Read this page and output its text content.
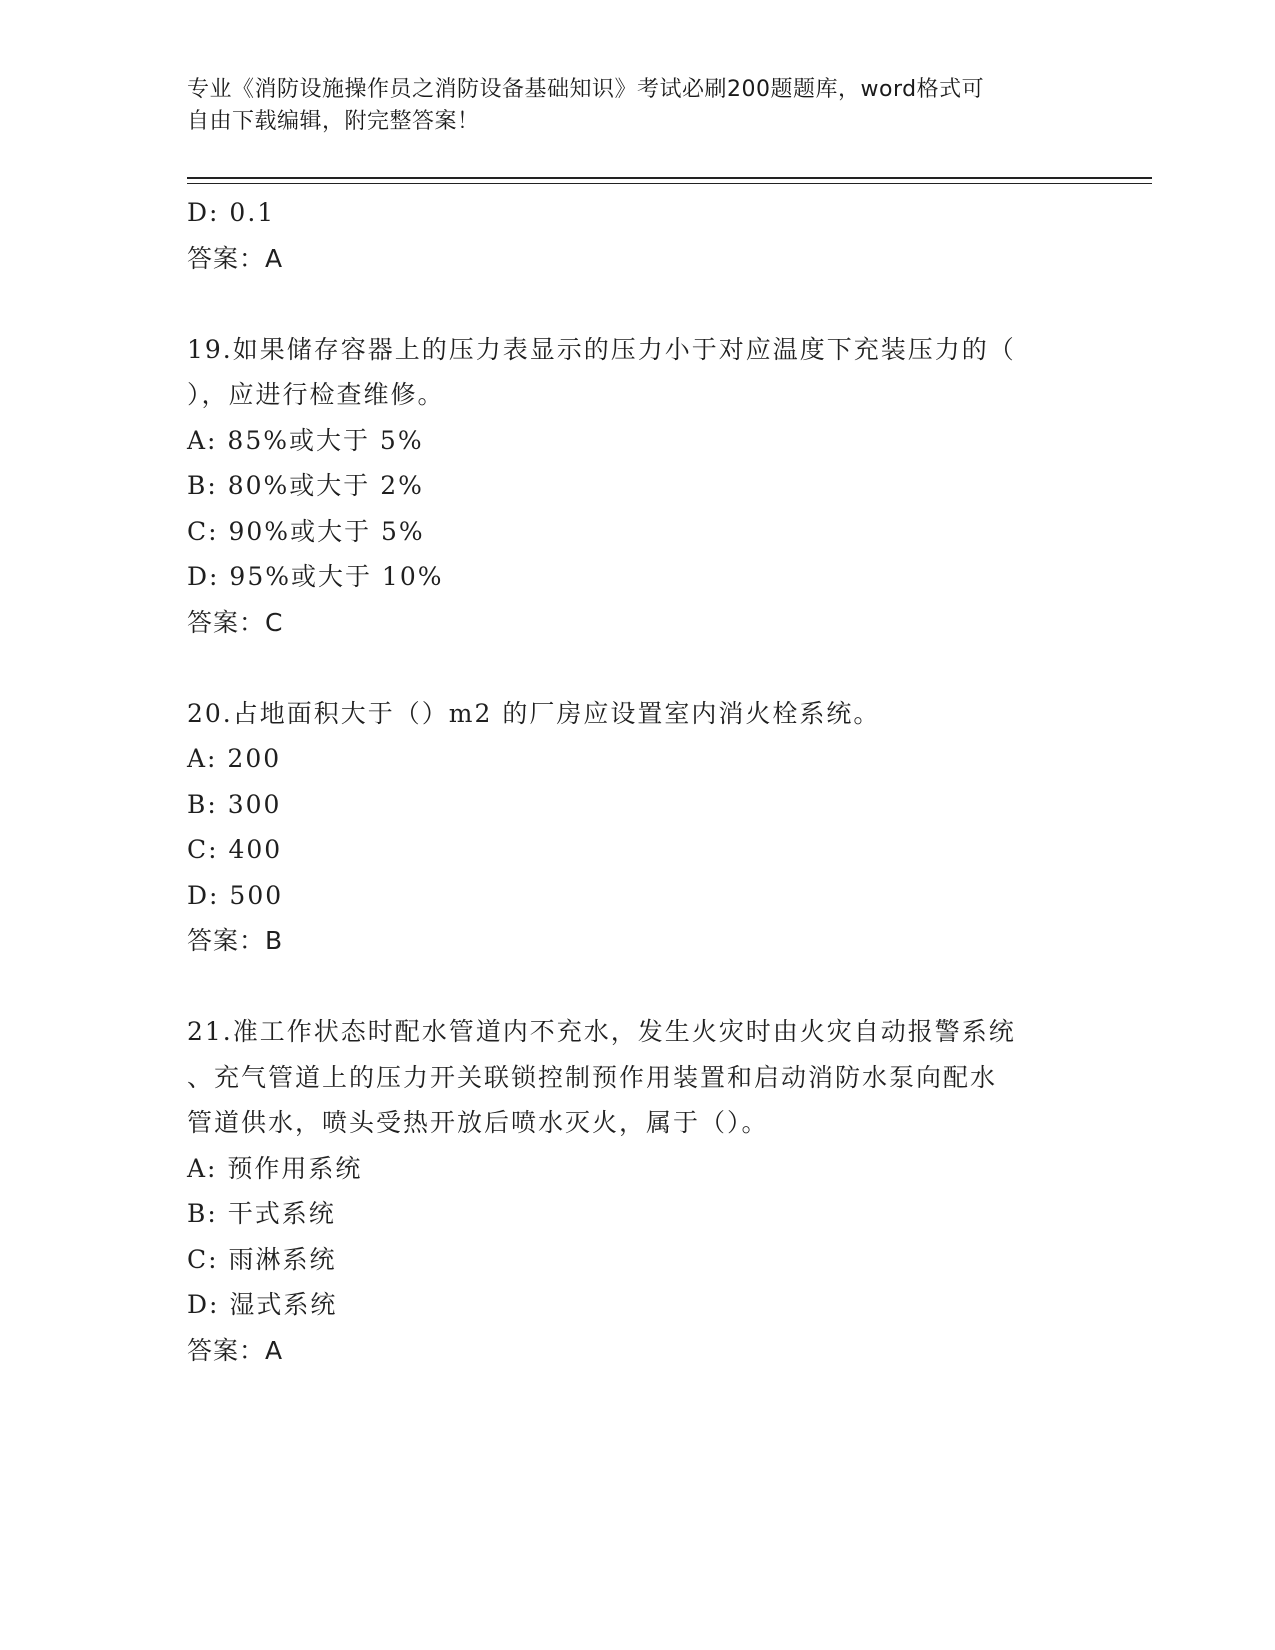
专业《消防设施操作员之消防设备基础知识》考试必刷200题题库，word格式可
自由下载编辑，附完整答案！
D: 0.1
答案：A
19.如果储存容器上的压力表显示的压力小于对应温度下充装压力的（
），应进行检查维修。
A: 85%或大于 5%
B: 80%或大于 2%
C: 90%或大于 5%
D: 95%或大于 10%
答案：C
20.占地面积大于（）m2 的厂房应设置室内消火栓系统。
A: 200
B: 300
C: 400
D: 500
答案：B
21.准工作状态时配水管道内不充水，发生火灾时由火灾自动报警系统
、充气管道上的压力开关联锁控制预作用装置和启动消防水泵向配水
管道供水，喷头受热开放后喷水灭火，属于（）。
A: 预作用系统
B: 干式系统
C: 雨淋系统
D: 湿式系统
答案：A
